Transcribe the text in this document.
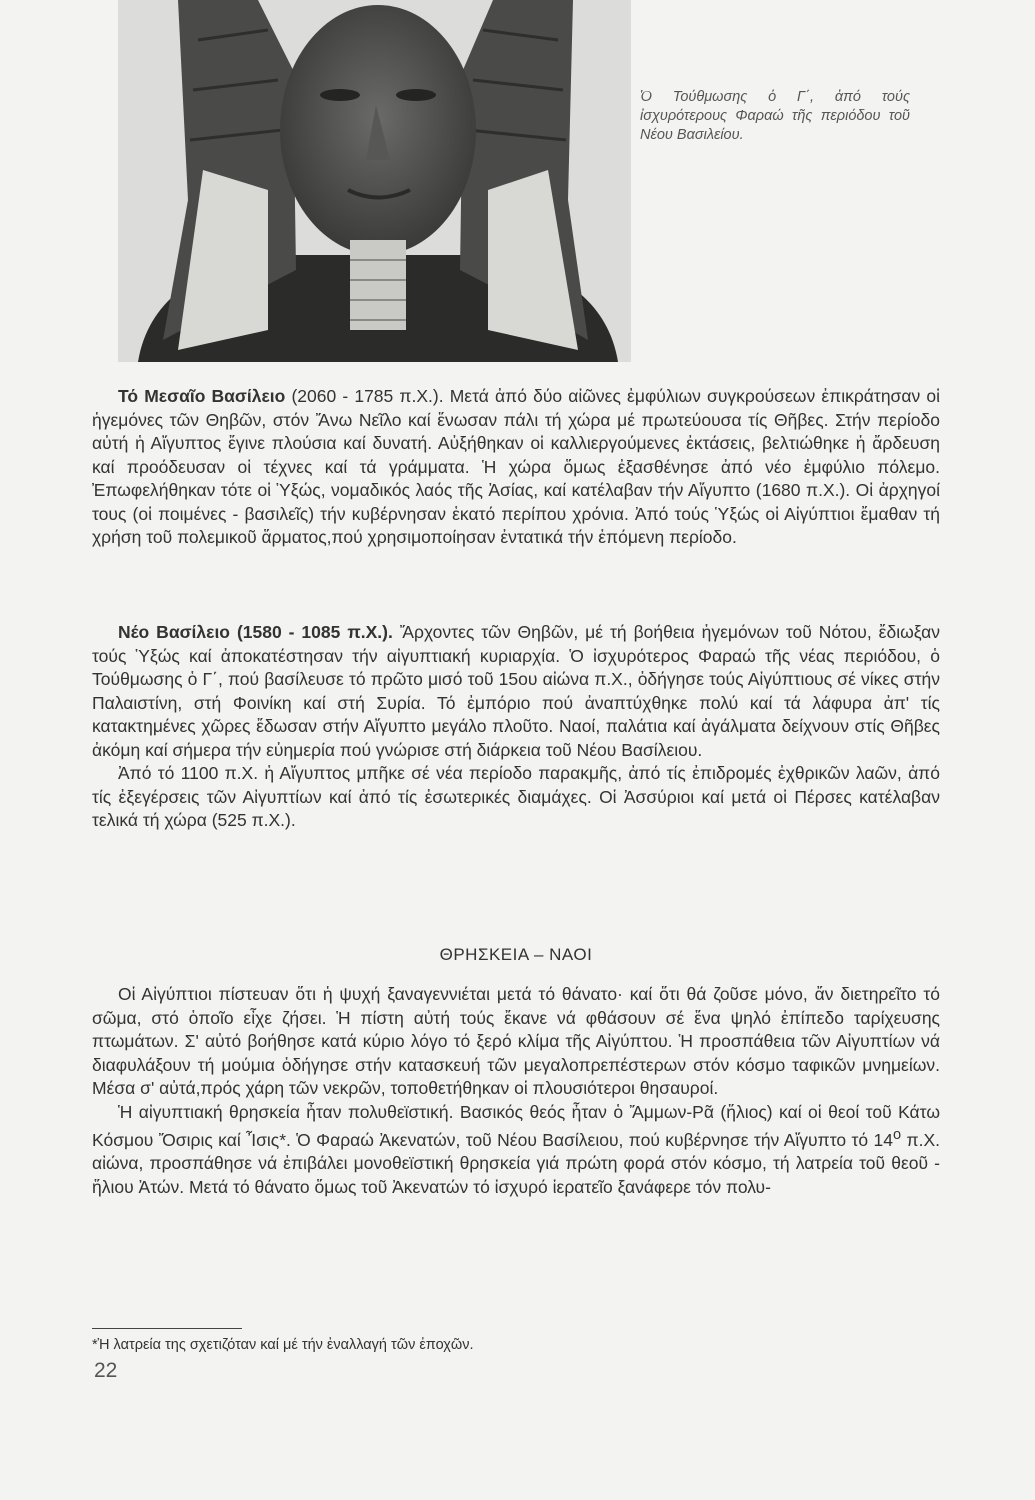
Ὁ Τούθμωσης ὁ Γ΄, ἀπό τούς ἰσχυρότερους Φαραώ τῆς περιόδου τοῦ Νέου Βασιλείου.

Τό Μεσαῖο Βασίλειο (2060 - 1785 π.Χ.). Μετά ἀπό δύο αἰῶνες ἐμφύλιων συγκρούσεων ἐπικράτησαν οἱ ἡγεμόνες τῶν Θηβῶν, στόν Ἄνω Νεῖλο καί ἕνωσαν πάλι τή χώρα μέ πρωτεύουσα τίς Θῆβες. Στήν περίοδο αὐτή ἡ Αἴγυπτος ἔγινε πλούσια καί δυνατή. Αὐξήθηκαν οἱ καλλιεργούμενες ἐκτάσεις, βελτιώθηκε ἡ ἄρδευση καί προόδευσαν οἱ τέχνες καί τά γράμματα. Ἡ χώρα ὅμως ἐξασθένησε ἀπό νέο ἐμφύλιο πόλεμο. Ἐπωφελήθηκαν τότε οἱ Ὑξώς, νομαδικός λαός τῆς Ἀσίας, καί κατέλαβαν τήν Αἴγυπτο (1680 π.Χ.). Οἱ ἀρχηγοί τους (οἱ ποιμένες - βασιλεῖς) τήν κυβέρνησαν ἑκατό περίπου χρόνια. Ἀπό τούς Ὑξώς οἱ Αἰγύπτιοι ἔμαθαν τή χρήση τοῦ πολεμικοῦ ἅρματος,πού χρησιμοποίησαν ἐντατικά τήν ἑπόμενη περίοδο.

Νέο Βασίλειο (1580 - 1085 π.Χ.). Ἄρχοντες τῶν Θηβῶν, μέ τή βοήθεια ἡγεμόνων τοῦ Νότου, ἔδιωξαν τούς Ὑξώς καί ἀποκατέστησαν τήν αἰγυπτιακή κυριαρχία. Ὁ ἰσχυρότερος Φαραώ τῆς νέας περιόδου, ὁ Τούθμωσης ὁ Γ΄, πού βασίλευσε τό πρῶτο μισό τοῦ 15ου αἰώνα π.Χ., ὁδήγησε τούς Αἰγύπτιους σέ νίκες στήν Παλαιστίνη, στή Φοινίκη καί στή Συρία. Τό ἐμπόριο πού ἀναπτύχθηκε πολύ καί τά λάφυρα ἀπ' τίς κατακτημένες χῶρες ἔδωσαν στήν Αἴγυπτο μεγάλο πλοῦτο. Ναοί, παλάτια καί ἀγάλματα δείχνουν στίς Θῆβες ἀκόμη καί σήμερα τήν εὐημερία πού γνώρισε στή διάρκεια τοῦ Νέου Βασίλειου.

Ἀπό τό 1100 π.Χ. ἡ Αἴγυπτος μπῆκε σέ νέα περίοδο παρακμῆς, ἀπό τίς ἐπιδρομές ἐχθρικῶν λαῶν, ἀπό τίς ἐξεγέρσεις τῶν Αἰγυπτίων καί ἀπό τίς ἐσωτερικές διαμάχες. Οἱ Ἀσσύριοι καί μετά οἱ Πέρσες κατέλαβαν τελικά τή χώρα (525 π.Χ.).

ΘΡΗΣΚΕΙΑ – ΝΑΟΙ

Οἱ Αἰγύπτιοι πίστευαν ὅτι ἡ ψυχή ξαναγεννιέται μετά τό θάνατο· καί ὅτι θά ζοῦσε μόνο, ἄν διετηρεῖτο τό σῶμα, στό ὁποῖο εἶχε ζήσει. Ἡ πίστη αὐτή τούς ἔκανε νά φθάσουν σέ ἕνα ψηλό ἐπίπεδο ταρίχευσης πτωμάτων. Σ' αὐτό βοήθησε κατά κύριο λόγο τό ξερό κλίμα τῆς Αἰγύπτου. Ἡ προσπάθεια τῶν Αἰγυπτίων νά διαφυλάξουν τή μούμια ὁδήγησε στήν κατασκευή τῶν μεγαλοπρεπέστερων στόν κόσμο ταφικῶν μνημείων. Μέσα σ' αὐτά,πρός χάρη τῶν νεκρῶν, τοποθετήθηκαν οἱ πλουσιότεροι θησαυροί.

Ἡ αἰγυπτιακή θρησκεία ἦταν πολυθεϊστική. Βασικός θεός ἦταν ὁ Ἄμμων-Ρᾶ (ἥλιος) καί οἱ θεοί τοῦ Κάτω Κόσμου Ὄσιρις καί Ἶσις*. Ὁ Φαραώ Ἀκενατών, τοῦ Νέου Βασίλειου, πού κυβέρνησε τήν Αἴγυπτο τό $14^o$ π.Χ. αἰώνα, προσπάθησε νά ἐπιβάλει μονοθεϊστική θρησκεία γιά πρώτη φορά στόν κόσμο, τή λατρεία τοῦ θεοῦ - ἥλιου Ἀτών. Μετά τό θάνατο ὅμως τοῦ Ἀκενατών τό ἰσχυρό ἱερατεῖο ξανάφερε τόν πολυ-

*Ἡ λατρεία της σχετιζόταν καί μέ τήν ἐναλλαγή τῶν ἐποχῶν.
22
